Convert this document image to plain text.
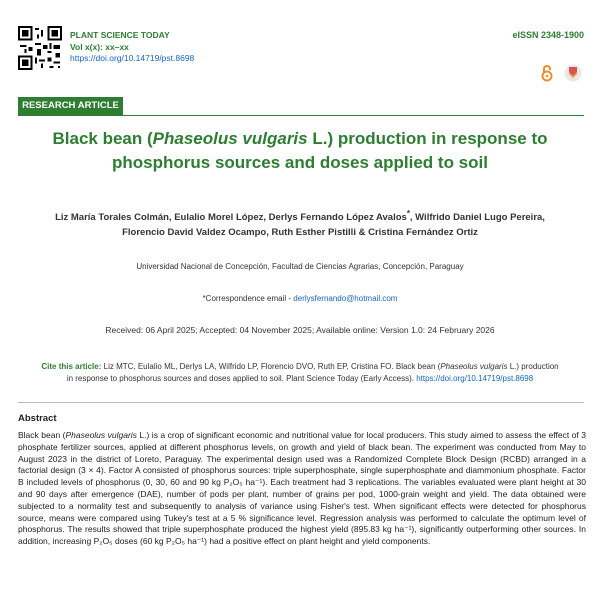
PLANT SCIENCE TODAY
Vol x(x): xx–xx
https://doi.org/10.14719/pst.8698
eISSN 2348-1900
RESEARCH ARTICLE
Black bean (Phaseolus vulgaris L.) production in response to phosphorus sources and doses applied to soil
Liz María Torales Colmán, Eulalio Morel López, Derlys Fernando López Avalos*, Wilfrido Daniel Lugo Pereira,
Florencio David Valdez Ocampo, Ruth Esther Pistilli & Cristina Fernández Ortiz
Universidad Nacional de Concepción, Facultad de Ciencias Agrarias, Concepción, Paraguay
*Correspondence email - derlysfernando@hotmail.com
Received: 06 April 2025; Accepted: 04 November 2025; Available online: Version 1.0: 24 February 2026
Cite this article: Liz MTC, Eulalio ML, Derlys LA, Wilfrido LP, Florencio DVO, Ruth EP, Cristina FO. Black bean (Phaseolus vulgaris L.) production in response to phosphorus sources and doses applied to soil. Plant Science Today (Early Access). https://doi.org/10.14719/pst.8698
Abstract

Black bean (Phaseolus vulgaris L.) is a crop of significant economic and nutritional value for local producers. This study aimed to assess the effect of 3 phosphate fertilizer sources, applied at different phosphorus levels, on growth and yield of black bean. The experiment was conducted from May to August 2023 in the district of Loreto, Paraguay. The experimental design used was a Randomized Complete Block Design (RCBD) arranged in a factorial design (3 × 4). Factor A consisted of phosphorus sources: triple superphosphate, single superphosphate and diammonium phosphate. Factor B included levels of phosphorus (0, 30, 60 and 90 kg P₂O₅ ha⁻¹). Each treatment had 3 replications. The variables evaluated were plant height at 30 and 90 days after emergence (DAE), number of pods per plant, number of grains per pod, 1000-grain weight and yield. The data obtained were subjected to a normality test and subsequently to analysis of variance using Fisher's test. When significant effects were detected for phosphorus source, means were compared using Tukey's test at a 5 % significance level. Regression analysis was performed to calculate the optimum level of phosphorus. The results showed that triple superphosphate produced the highest yield (895.83 kg ha⁻¹), significantly outperforming other sources. In addition, increasing P₂O₅ doses (60 kg P₂O₅ ha⁻¹) had a positive effect on plant height and yield components.
